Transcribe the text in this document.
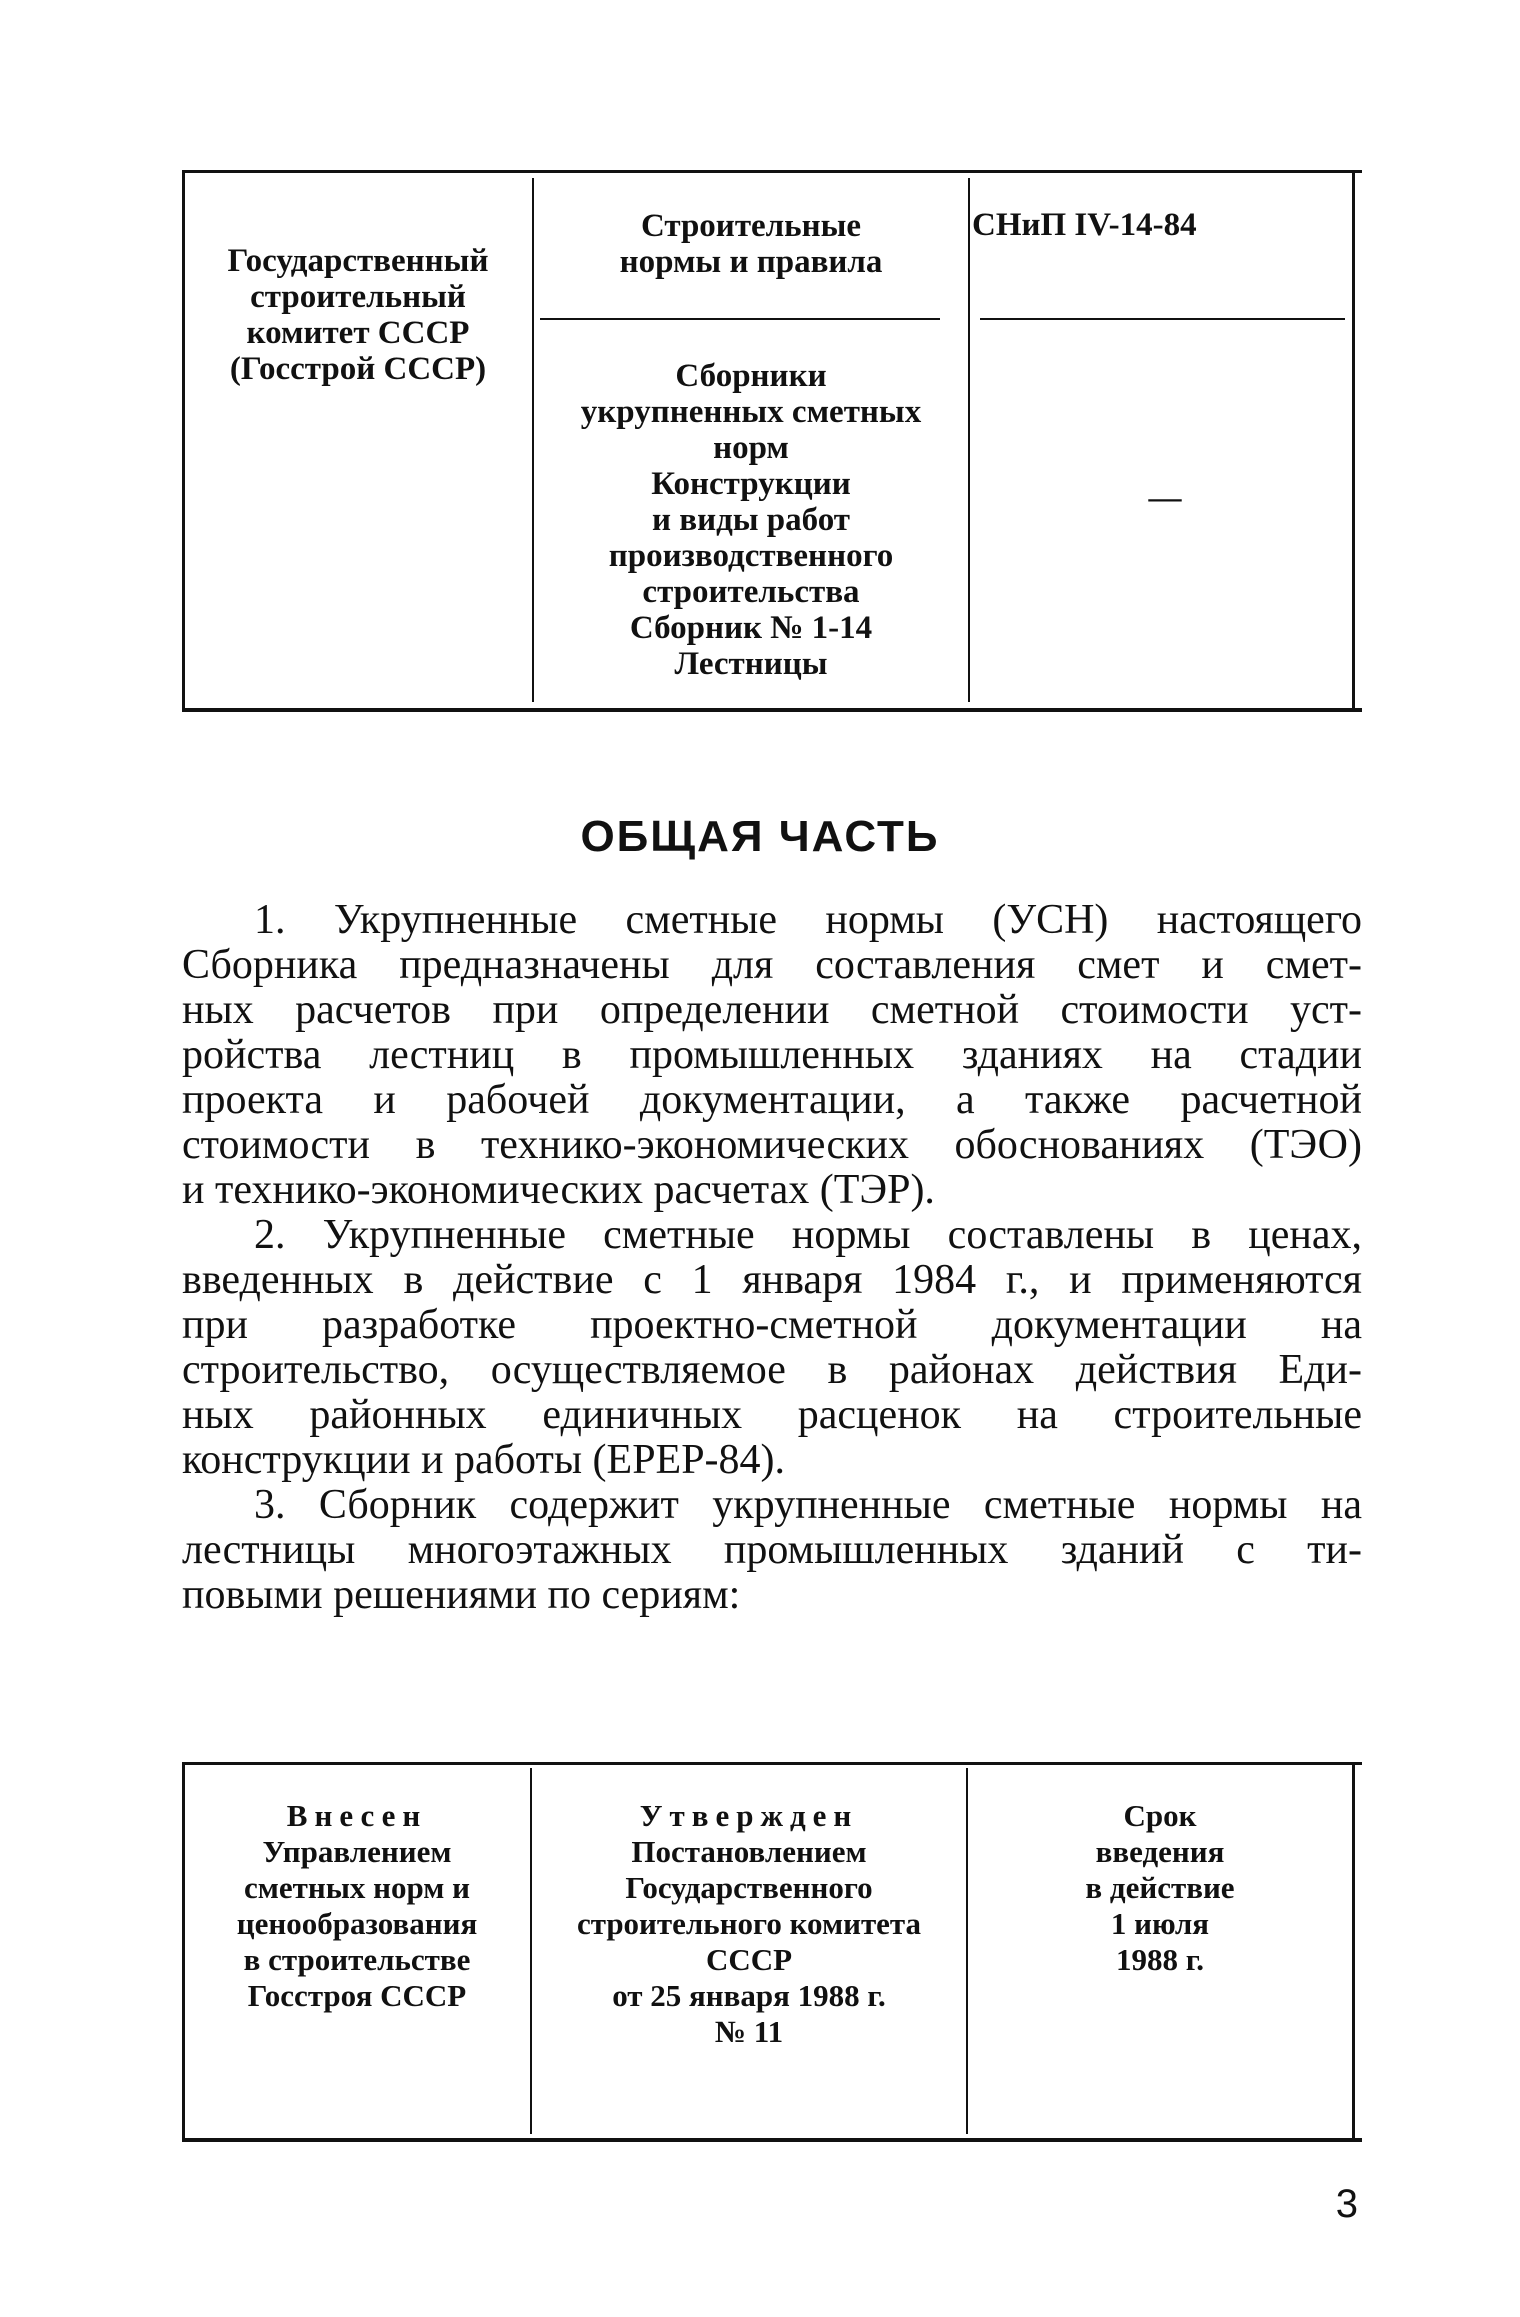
Государственный
строительный
комитет СССР
(Госстрой СССР)
Строительные
нормы и правила
СНиП IV-14-84
Сборники
укрупненных сметных
норм
Конструкции
и виды работ
производственного
строительства
Сборник № 1-14
Лестницы
—
ОБЩАЯ ЧАСТЬ
1. Укрупненные сметные нормы (УСН) настоящего
Сборника предназначены для составления смет и смет-
ных расчетов при определении сметной стоимости уст-
ройства лестниц в промышленных зданиях на стадии
проекта и рабочей документации, а также расчетной
стоимости в технико-экономических обоснованиях (ТЭО)
и технико-экономических расчетах (ТЭР).
2. Укрупненные сметные нормы составлены в ценах,
введенных в действие с 1 января 1984 г., и применяются
при разработке проектно-сметной документации на
строительство, осуществляемое в районах действия Еди-
ных районных единичных расценок на строительные
конструкции и работы (ЕРЕР-84).
3. Сборник содержит укрупненные сметные нормы на
лестницы многоэтажных промышленных зданий с ти-
повыми решениями по сериям:
Внесен
Управлением
сметных норм и
ценообразования
в строительстве
Госстроя СССР
Утвержден
Постановлением
Государственного
строительного комитета
СССР
от 25 января 1988 г.
№ 11
Срок
введения
в действие
1 июля
1988 г.
3
